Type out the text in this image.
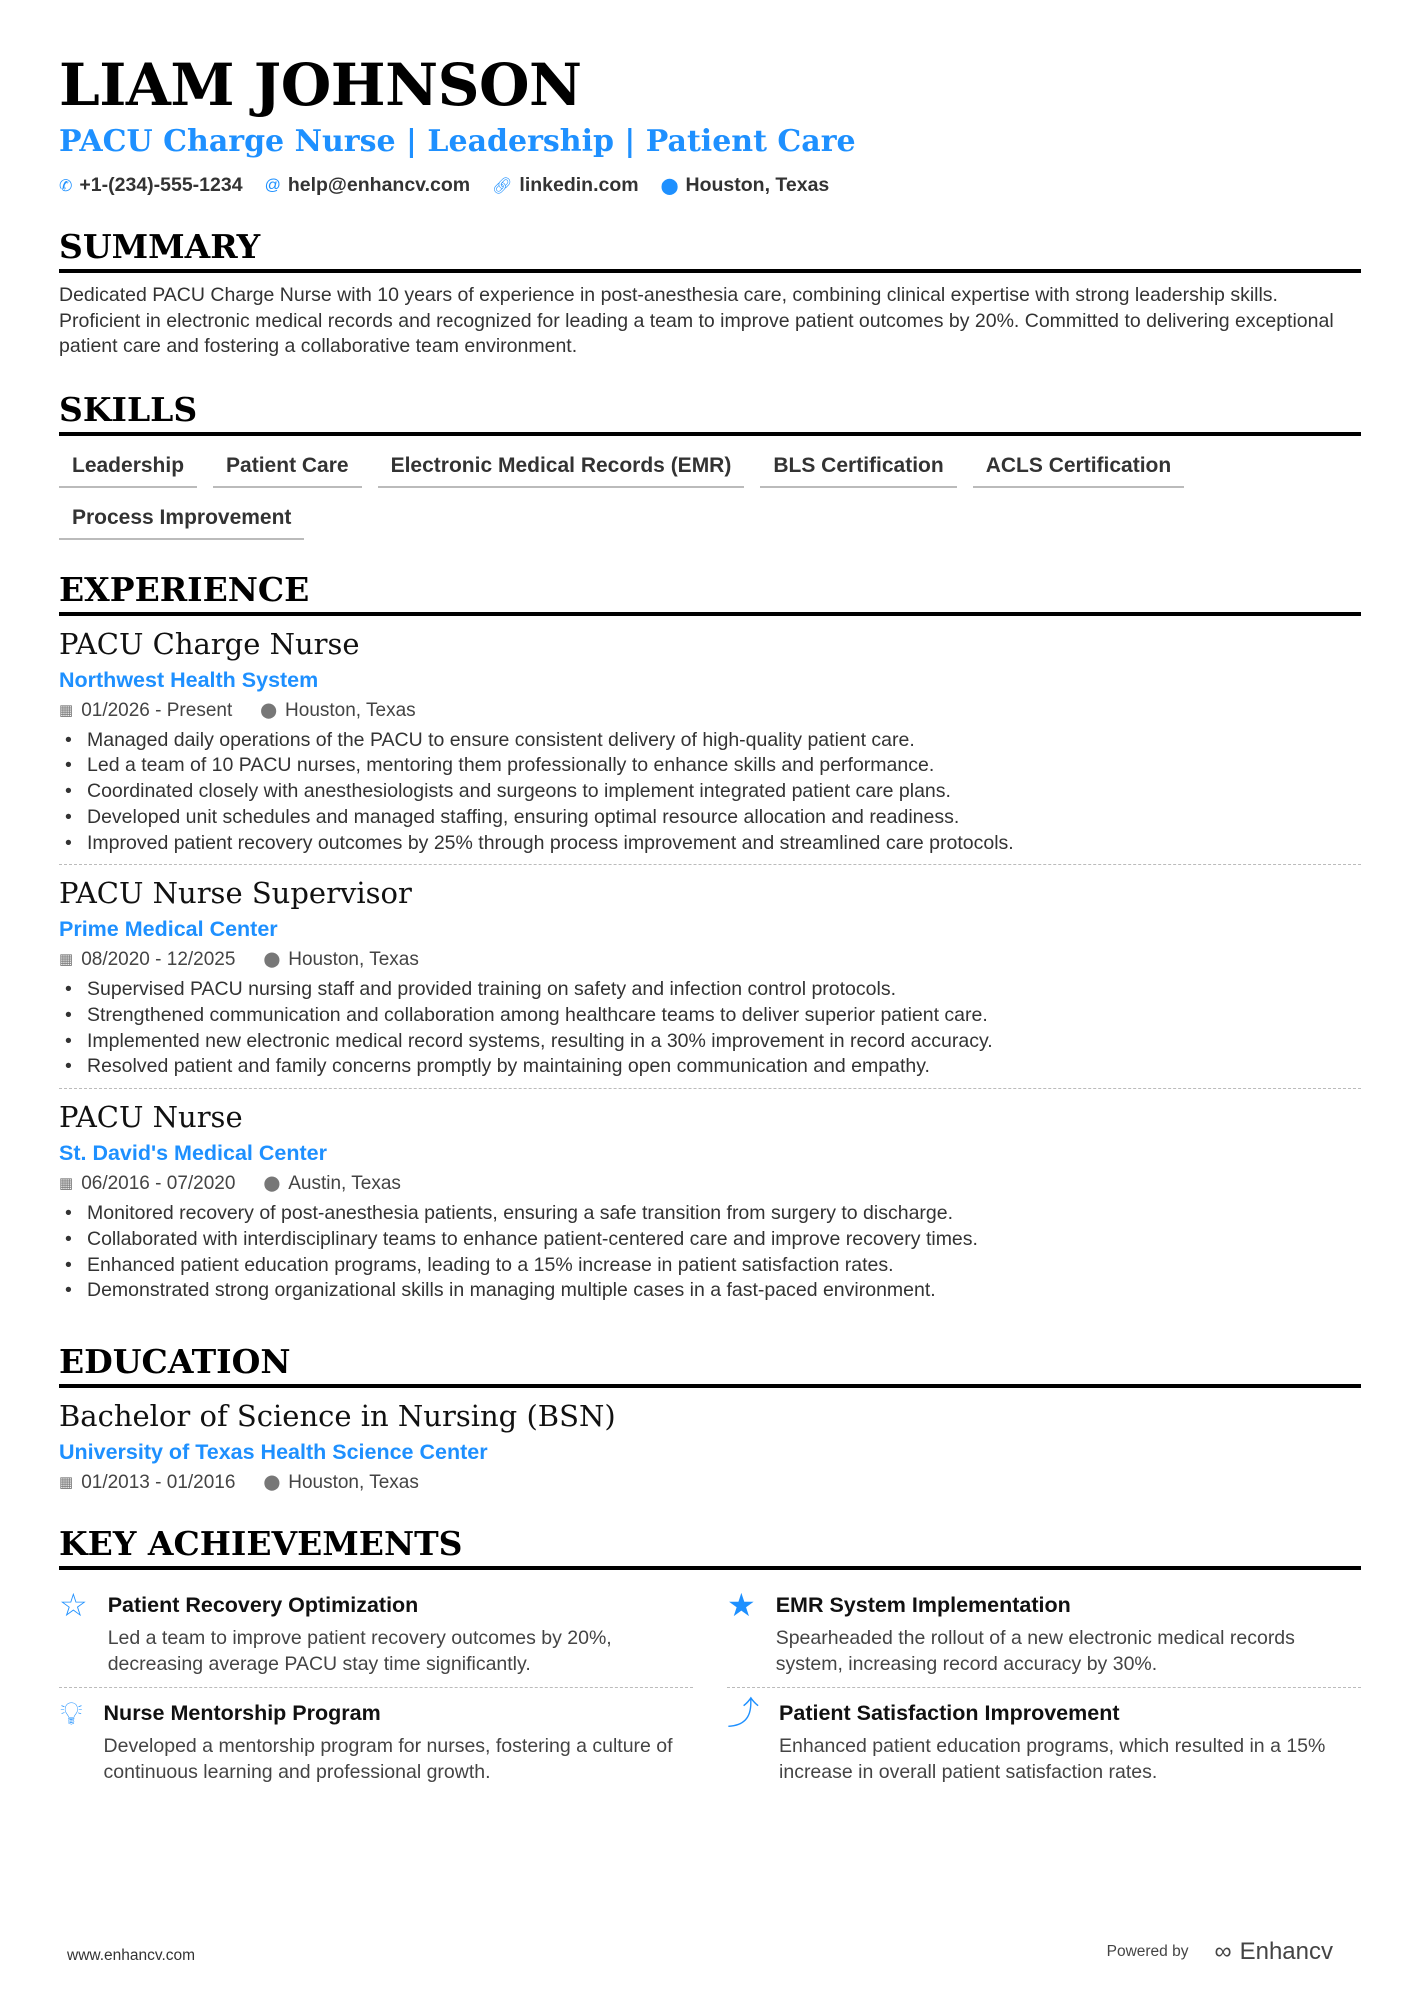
LIAM JOHNSON
PACU Charge Nurse | Leadership | Patient Care
✆ +1-(234)-555-1234 @ help@enhancv.com 🔗︎ linkedin.com ⬤ Houston, Texas
SUMMARY

Dedicated PACU Charge Nurse with 10 years of experience in post-anesthesia care, combining clinical expertise with strong leadership skills. Proficient in electronic medical records and recognized for leading a team to improve patient outcomes by 20%. Committed to delivering exceptional patient care and fostering a collaborative team environment.

SKILLS
Leadership	Patient Care	Electronic Medical Records (EMR)	BLS Certification	ACLS Certification
Process Improvement
EXPERIENCE
PACU Charge Nurse
Northwest Health System
▦ 01/2026 - Present ⬤ Houston, Texas
• Managed daily operations of the PACU to ensure consistent delivery of high-quality patient care.
• Led a team of 10 PACU nurses, mentoring them professionally to enhance skills and performance.
• Coordinated closely with anesthesiologists and surgeons to implement integrated patient care plans.
• Developed unit schedules and managed staffing, ensuring optimal resource allocation and readiness.
• Improved patient recovery outcomes by 25% through process improvement and streamlined care protocols.
PACU Nurse Supervisor
Prime Medical Center
▦ 08/2020 - 12/2025 ⬤ Houston, Texas
• Supervised PACU nursing staff and provided training on safety and infection control protocols.
• Strengthened communication and collaboration among healthcare teams to deliver superior patient care.
• Implemented new electronic medical record systems, resulting in a 30% improvement in record accuracy.
• Resolved patient and family concerns promptly by maintaining open communication and empathy.
PACU Nurse
St. David's Medical Center
▦ 06/2016 - 07/2020 ⬤ Austin, Texas
• Monitored recovery of post-anesthesia patients, ensuring a safe transition from surgery to discharge.
• Collaborated with interdisciplinary teams to enhance patient-centered care and improve recovery times.
• Enhanced patient education programs, leading to a 15% increase in patient satisfaction rates.
• Demonstrated strong organizational skills in managing multiple cases in a fast-paced environment.
EDUCATION
Bachelor of Science in Nursing (BSN)
University of Texas Health Science Center
▦ 01/2013 - 01/2016 ⬤ Houston, Texas
KEY ACHIEVEMENTS
☆ Patient Recovery Optimization
Led a team to improve patient recovery outcomes by 20%, decreasing average PACU stay time significantly.
★ EMR System Implementation
Spearheaded the rollout of a new electronic medical records system, increasing record accuracy by 30%.
💡︎ Nurse Mentorship Program
Developed a mentorship program for nurses, fostering a culture of continuous learning and professional growth.
⤴ Patient Satisfaction Improvement
Enhanced patient education programs, which resulted in a 15% increase in overall patient satisfaction rates.
www.enhancv.com	Powered by ∞ Enhancv
